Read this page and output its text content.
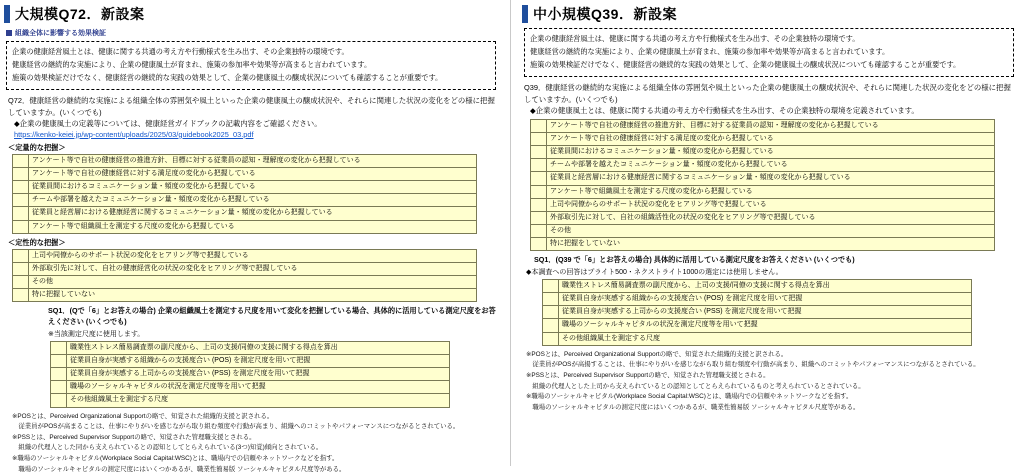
大規模Q72．新設案
組織全体に影響する効果検証

企業の健康経営風土とは、健康に関する共通の考え方や行動様式を生み出す、その企業独特の環境です。

健康経営の継続的な実施により、企業の健康風土が育まれ、施策の参加率や効果等が高まると言われています。

施策の効果検証だけでなく、健康経営の継続的な実践の効果として、企業の健康風土の醸成状況についても確認することが重要です。

Q72．健康経営の継続的な実施による組織全体の雰囲気や風土といった企業の健康風土の醸成状況や、それらに関連した状況の変化をどの様に把握していますか。(いくつでも)
◆企業の健康風土の定義等については、健康経営ガイドブックの記載内容をご確認ください。
https://kenko-keiei.jp/wp-content/uploads/2025/03/guidebook2025_03.pdf
＜定量的な把握＞
	アンケート等で自社の健康経営の推進方針、目標に対する従業員の認知・理解度の変化から把握している
	アンケート等で自社の健康経営に対する満足度の変化から把握している
	従業員間におけるコミュニケーション量・頻度の変化から把握している
	チームや部署を越えたコミュニケーション量・頻度の変化から把握している
	従業員と経営層における健康経営に関するコミュニケーション量・頻度の変化から把握している
	アンケート等で組織風土を測定する尺度の変化から把握している
＜定性的な把握＞
	上司や同僚からのサポート状況の変化をヒアリング等で把握している
	外部取引先に対して、自社の健康経営化の状況の変化をヒアリング等で把握している
	その他
	特に把握していない
SQ1．(Qで「6」とお答えの場合) 企業の組織風土を測定する尺度を用いて変化を把握している場合、具体的に活用している測定尺度をお答えください (いくつでも)
※当該測定尺度に使用します。
	職業性ストレス簡易調査票の副尺度から、上司の支援/同僚の支援に関する得点を算出
	従業員自身が実感する組織からの支援度合い (POS) を測定尺度を用いて把握
	従業員自身が実感する上司からの支援度合い (PSS) を測定尺度を用いて把握
	職場のソーシャルキャピタルの状況を測定尺度等を用いて把握
	その他組織風土を測定する尺度

※POSとは、Perceived Organizational Supportの略で、知覚された組織的支援と訳される。

　従業員がPOSが高まることは、仕事にやりがいを感じながら取り組む頻度や行動が高まり、組織へのコミットやパフォーマンスにつながるとされている。

※PSSとは、Perceived Supervisor Supportの略で、知覚された管理職支援とされる。

　組織の代理人とした同から支えられているとの認知としてとらえられている(3つ)知覚)傾向とされている。

※職場のソーシャルキャピタル(Workplace Social Capital:WSC)とは、職場内での信頼やネットワークなどを指す。

　職場のソーシャルキャピタルの測定尺度にはいくつかあるが、職業性簡易版 ソーシャルキャピタル尺度等がある。

中小規模Q39．新設案

企業の健康経営風土は、健康に関する共通の考え方や行動様式を生み出す、その企業独特の環境です。

健康経営の継続的な実施により、企業の健康風土が育まれ、施策の参加率や効果等が高まると言われています。

施策の効果検証だけでなく、健康経営の継続的な実践の効果として、企業の健康風土の醸成状況についても確認することが重要です。

Q39．健康経営の継続的な実施による組織全体の雰囲気や風土といった企業の健康風土の醸成状況や、それらに関連した状況の変化をどの様に把握していますか。(いくつでも)
◆企業の健康風土とは、健康に関する共通の考え方や行動様式を生み出す、その企業独特の環境を定義されています。
	アンケート等で自社の健康経営の推進方針、目標に対する従業員の認知・理解度の変化から把握している
	アンケート等で自社の健康経営に対する満足度の変化から把握している
	従業員間におけるコミュニケーション量・頻度の変化から把握している
	チームや部署を越えたコミュニケーション量・頻度の変化から把握している
	従業員と経営層における健康経営に関するコミュニケーション量・頻度の変化から把握している
	アンケート等で組織風土を測定する尺度の変化から把握している
	上司や同僚からのサポート状況の変化をヒアリング等で把握している
	外部取引先に対して、自社の組織活性化の状況の変化をヒアリング等で把握している
	その他
	特に把握をしていない
SQ1．(Q39 で「6」とお答えの場合) 具体的に活用している測定尺度をお答えください (いくつでも)
◆本調査への回答はプライト500・ネクストライト1000の選定には使用しません。
	職業性ストレス簡易調査票の副尺度から、上司の支援/同僚の支援に関する得点を算出
	従業員自身が実感する組織からの支援度合い (POS) を測定尺度を用いて把握
	従業員自身が実感する上司からの支援度合い (PSS) を測定尺度を用いて把握
	職場のソーシャルキャピタルの状況を測定尺度等を用いて把握
	その他組織風土を測定する尺度

※POSとは、Perceived Organizational Supportの略で、知覚された組織的支援と訳される。

　従業員がPOSが高揚することは、仕事にやりがいを感じながら取り組む頻度や行動が高まり、組織へのコミットやパフォーマンスにつながるとされている。

※PSSとは、Perceived Supervisor Supportの略で、知覚された管理職支援とされる。

　組織の代理人とした上司から支えられているとの認知としてとらえられているものと考えられているとされている。

※職場のソーシャルキャピタル(Workplace Social Capital:WSC)とは、職場内での信頼やネットワークなどを指す。

　職場のソーシャルキャピタルの測定尺度にはいくつかあるが、職業性簡易版 ソーシャルキャピタル尺度等がある。
